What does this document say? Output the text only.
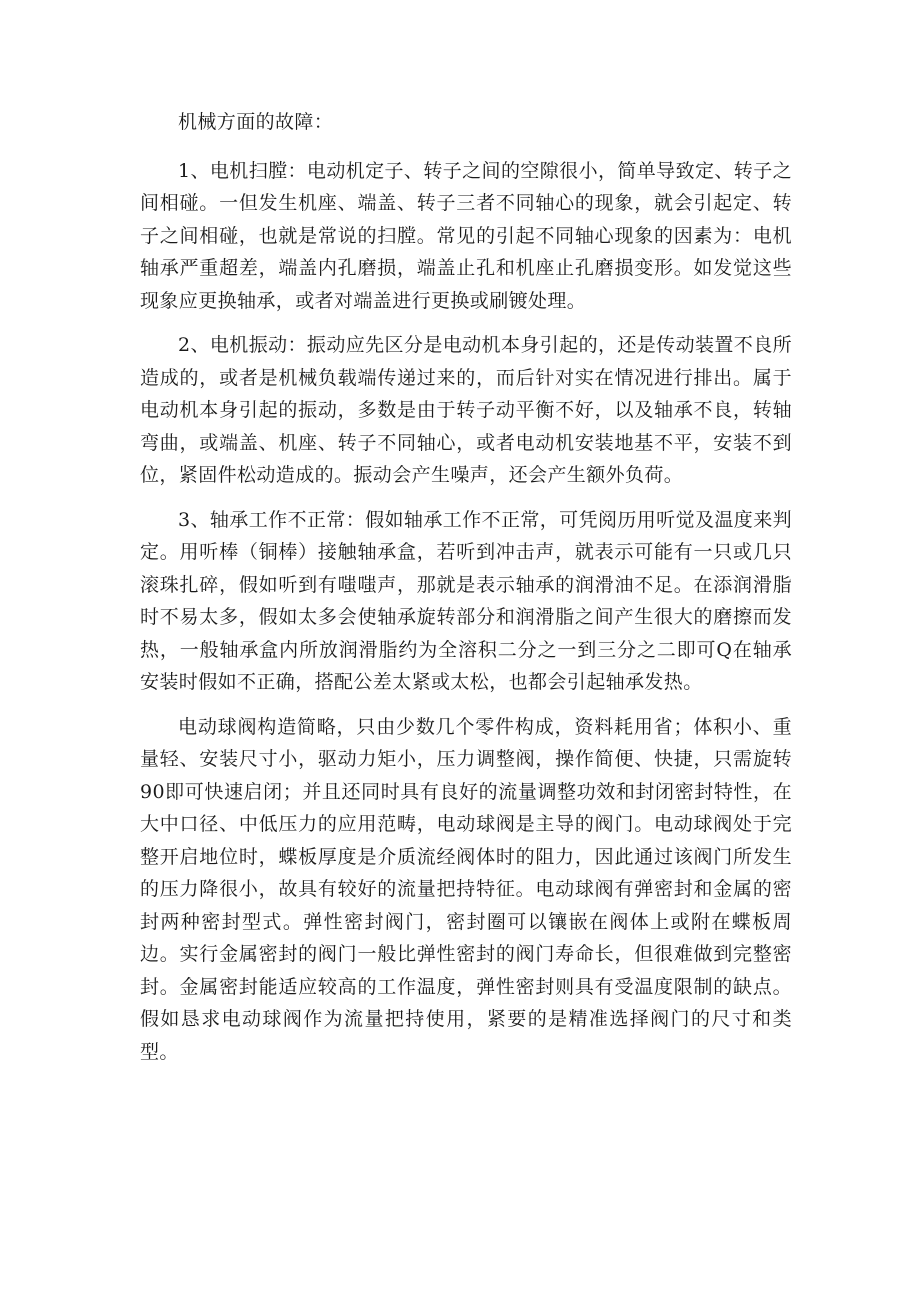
机械方面的故障：

1、电机扫膛：电动机定子、转子之间的空隙很小，简单导致定、转子之间相碰。一但发生机座、端盖、转子三者不同轴心的现象，就会引起定、转子之间相碰，也就是常说的扫膛。常见的引起不同轴心现象的因素为：电机轴承严重超差，端盖内孔磨损，端盖止孔和机座止孔磨损变形。如发觉这些现象应更换轴承，或者对端盖进行更换或刷镀处理。

2、电机振动：振动应先区分是电动机本身引起的，还是传动装置不良所造成的，或者是机械负载端传递过来的，而后针对实在情况进行排出。属于电动机本身引起的振动，多数是由于转子动平衡不好，以及轴承不良，转轴弯曲，或端盖、机座、转子不同轴心，或者电动机安装地基不平，安装不到位，紧固件松动造成的。振动会产生噪声，还会产生额外负荷。

3、轴承工作不正常：假如轴承工作不正常，可凭阅历用听觉及温度来判定。用听棒（铜棒）接触轴承盒，若听到冲击声，就表示可能有一只或几只滚珠扎碎，假如听到有嗤嗤声，那就是表示轴承的润滑油不足。在添润滑脂时不易太多，假如太多会使轴承旋转部分和润滑脂之间产生很大的磨擦而发热，一般轴承盒内所放润滑脂约为全溶积二分之一到三分之二即可Q在轴承安装时假如不正确，搭配公差太紧或太松，也都会引起轴承发热。

电动球阀构造简略，只由少数几个零件构成，资料耗用省；体积小、重量轻、安装尺寸小，驱动力矩小，压力调整阀，操作简便、快捷，只需旋转90即可快速启闭；并且还同时具有良好的流量调整功效和封闭密封特性，在大中口径、中低压力的应用范畴，电动球阀是主导的阀门。电动球阀处于完整开启地位时，蝶板厚度是介质流经阀体时的阻力，因此通过该阀门所发生的压力降很小，故具有较好的流量把持特征。电动球阀有弹密封和金属的密封两种密封型式。弹性密封阀门，密封圈可以镶嵌在阀体上或附在蝶板周边。实行金属密封的阀门一般比弹性密封的阀门寿命长，但很难做到完整密封。金属密封能适应较高的工作温度，弹性密封则具有受温度限制的缺点。假如恳求电动球阀作为流量把持使用，紧要的是精准选择阀门的尺寸和类型。
